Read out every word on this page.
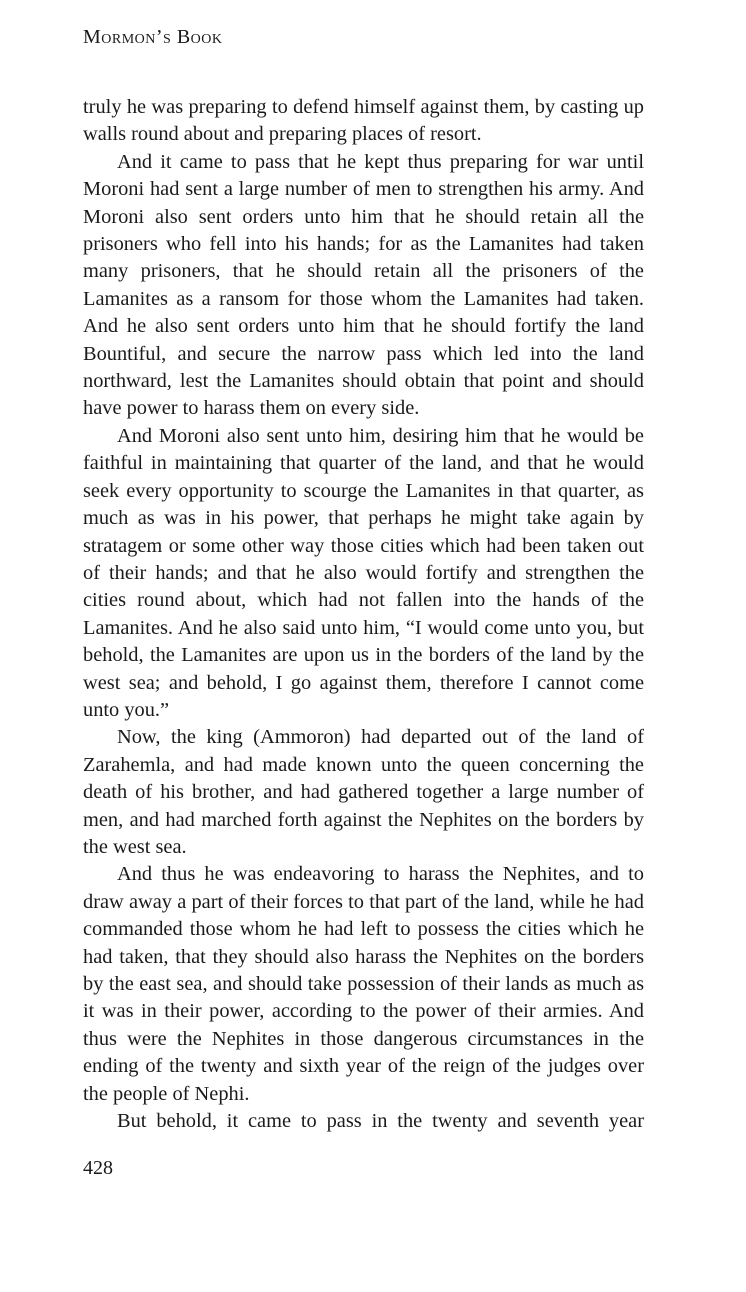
Mormon’s Book

truly he was preparing to defend himself against them, by casting up walls round about and preparing places of resort.

And it came to pass that he kept thus preparing for war until Moroni had sent a large number of men to strengthen his army. And Moroni also sent orders unto him that he should retain all the prisoners who fell into his hands; for as the Lamanites had taken many prisoners, that he should retain all the prisoners of the Lamanites as a ransom for those whom the Lamanites had taken. And he also sent orders unto him that he should fortify the land Bountiful, and secure the narrow pass which led into the land northward, lest the Lamanites should obtain that point and should have power to harass them on every side.

And Moroni also sent unto him, desiring him that he would be faithful in maintaining that quarter of the land, and that he would seek every opportunity to scourge the Lamanites in that quarter, as much as was in his power, that perhaps he might take again by stratagem or some other way those cities which had been taken out of their hands; and that he also would fortify and strengthen the cities round about, which had not fallen into the hands of the Lamanites. And he also said unto him, “I would come unto you, but behold, the Lamanites are upon us in the borders of the land by the west sea; and behold, I go against them, therefore I cannot come unto you.”

Now, the king (Ammoron) had departed out of the land of Zarahemla, and had made known unto the queen concerning the death of his brother, and had gathered together a large number of men, and had marched forth against the Nephites on the borders by the west sea.

And thus he was endeavoring to harass the Nephites, and to draw away a part of their forces to that part of the land, while he had commanded those whom he had left to possess the cities which he had taken, that they should also harass the Nephites on the borders by the east sea, and should take possession of their lands as much as it was in their power, according to the power of their armies. And thus were the Nephites in those dangerous circumstances in the ending of the twenty and sixth year of the reign of the judges over the people of Nephi.

But behold, it came to pass in the twenty and seventh year

428
